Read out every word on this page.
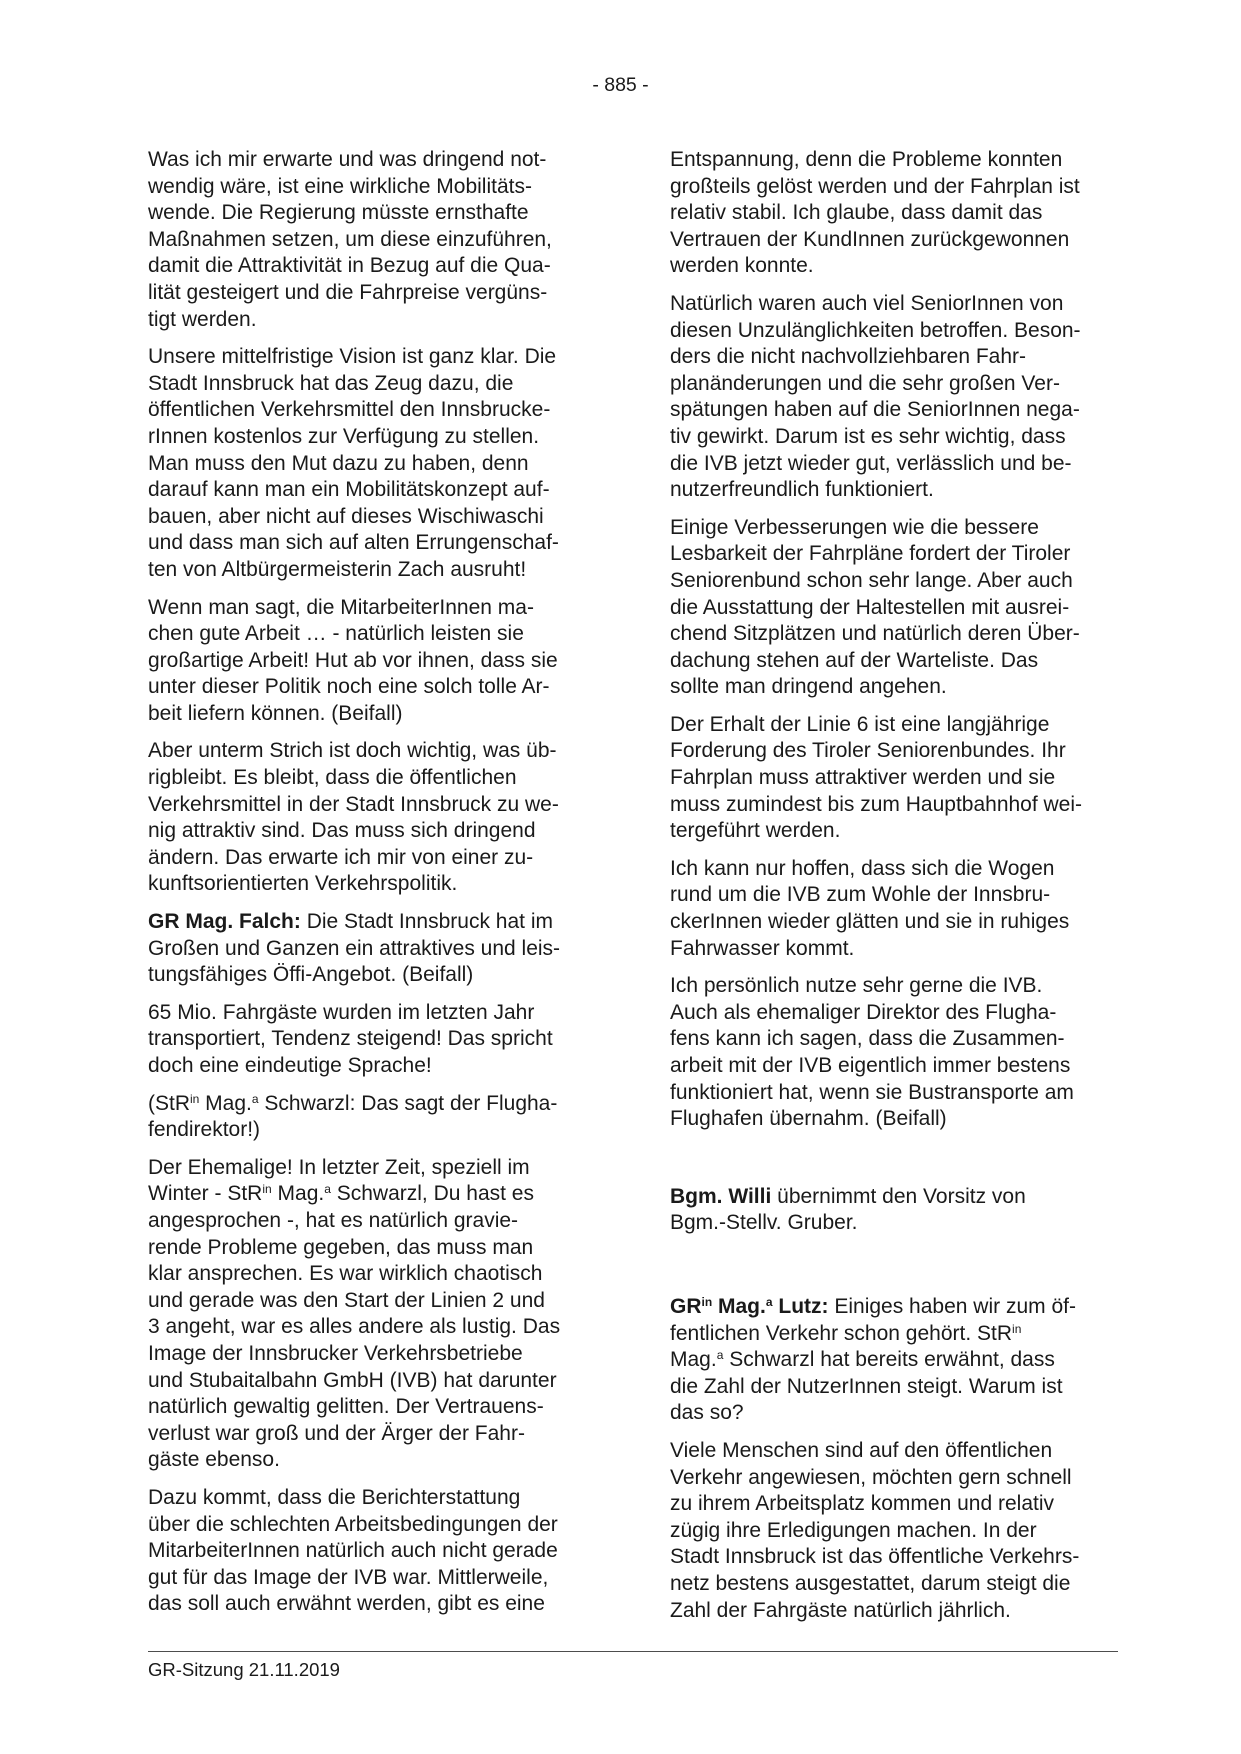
- 885 -

Was ich mir erwarte und was dringend not-
wendig wäre, ist eine wirkliche Mobilitäts-
wende. Die Regierung müsste ernsthafte
Maßnahmen setzen, um diese einzuführen,
damit die Attraktivität in Bezug auf die Qua-
lität gesteigert und die Fahrpreise vergüns-
tigt werden.

Unsere mittelfristige Vision ist ganz klar. Die
Stadt Innsbruck hat das Zeug dazu, die
öffentlichen Verkehrsmittel den Innsbrucke-
rInnen kostenlos zur Verfügung zu stellen.
Man muss den Mut dazu zu haben, denn
darauf kann man ein Mobilitätskonzept auf-
bauen, aber nicht auf dieses Wischiwaschi
und dass man sich auf alten Errungenschaf-
ten von Altbürgermeisterin Zach ausruht!

Wenn man sagt, die MitarbeiterInnen ma-
chen gute Arbeit … - natürlich leisten sie
großartige Arbeit! Hut ab vor ihnen, dass sie
unter dieser Politik noch eine solch tolle Ar-
beit liefern können. (Beifall)

Aber unterm Strich ist doch wichtig, was üb-
rigbleibt. Es bleibt, dass die öffentlichen
Verkehrsmittel in der Stadt Innsbruck zu we-
nig attraktiv sind. Das muss sich dringend
ändern. Das erwarte ich mir von einer zu-
kunftsorientierten Verkehrspolitik.

GR Mag. Falch: Die Stadt Innsbruck hat im
Großen und Ganzen ein attraktives und leis-
tungsfähiges Öffi-Angebot. (Beifall)

65 Mio. Fahrgäste wurden im letzten Jahr
transportiert, Tendenz steigend! Das spricht
doch eine eindeutige Sprache!

(StR$^{in}$ Mag.$^a$ Schwarzl: Das sagt der Flugha-
fendirektor!)

Der Ehemalige! In letzter Zeit, speziell im
Winter - StR$^{in}$ Mag.$^a$ Schwarzl, Du hast es
angesprochen -, hat es natürlich gravie-
rende Probleme gegeben, das muss man
klar ansprechen. Es war wirklich chaotisch
und gerade was den Start der Linien 2 und
3 angeht, war es alles andere als lustig. Das
Image der Innsbrucker Verkehrsbetriebe
und Stubaitalbahn GmbH (IVB) hat darunter
natürlich gewaltig gelitten. Der Vertrauens-
verlust war groß und der Ärger der Fahr-
gäste ebenso.

Dazu kommt, dass die Berichterstattung
über die schlechten Arbeitsbedingungen der
MitarbeiterInnen natürlich auch nicht gerade
gut für das Image der IVB war. Mittlerweile,
das soll auch erwähnt werden, gibt es eine

Entspannung, denn die Probleme konnten
großteils gelöst werden und der Fahrplan ist
relativ stabil. Ich glaube, dass damit das
Vertrauen der KundInnen zurückgewonnen
werden konnte.

Natürlich waren auch viel SeniorInnen von
diesen Unzulänglichkeiten betroffen. Beson-
ders die nicht nachvollziehbaren Fahr-
planänderungen und die sehr großen Ver-
spätungen haben auf die SeniorInnen nega-
tiv gewirkt. Darum ist es sehr wichtig, dass
die IVB jetzt wieder gut, verlässlich und be-
nutzerfreundlich funktioniert.

Einige Verbesserungen wie die bessere
Lesbarkeit der Fahrpläne fordert der Tiroler
Seniorenbund schon sehr lange. Aber auch
die Ausstattung der Haltestellen mit ausrei-
chend Sitzplätzen und natürlich deren Über-
dachung stehen auf der Warteliste. Das
sollte man dringend angehen.

Der Erhalt der Linie 6 ist eine langjährige
Forderung des Tiroler Seniorenbundes. Ihr
Fahrplan muss attraktiver werden und sie
muss zumindest bis zum Hauptbahnhof wei-
tergeführt werden.

Ich kann nur hoffen, dass sich die Wogen
rund um die IVB zum Wohle der Innsbru-
ckerInnen wieder glätten und sie in ruhiges
Fahrwasser kommt.

Ich persönlich nutze sehr gerne die IVB.
Auch als ehemaliger Direktor des Flugha-
fens kann ich sagen, dass die Zusammen-
arbeit mit der IVB eigentlich immer bestens
funktioniert hat, wenn sie Bustransporte am
Flughafen übernahm. (Beifall)

Bgm. Willi übernimmt den Vorsitz von
Bgm.-Stellv. Gruber.

$GR^{in}$ Mag.$^a$ Lutz: Einiges haben wir zum öf-
fentlichen Verkehr schon gehört. StR$^{in}$
Mag.$^a$ Schwarzl hat bereits erwähnt, dass
die Zahl der NutzerInnen steigt. Warum ist
das so?

Viele Menschen sind auf den öffentlichen
Verkehr angewiesen, möchten gern schnell
zu ihrem Arbeitsplatz kommen und relativ
zügig ihre Erledigungen machen. In der
Stadt Innsbruck ist das öffentliche Verkehrs-
netz bestens ausgestattet, darum steigt die
Zahl der Fahrgäste natürlich jährlich.

GR-Sitzung 21.11.2019
